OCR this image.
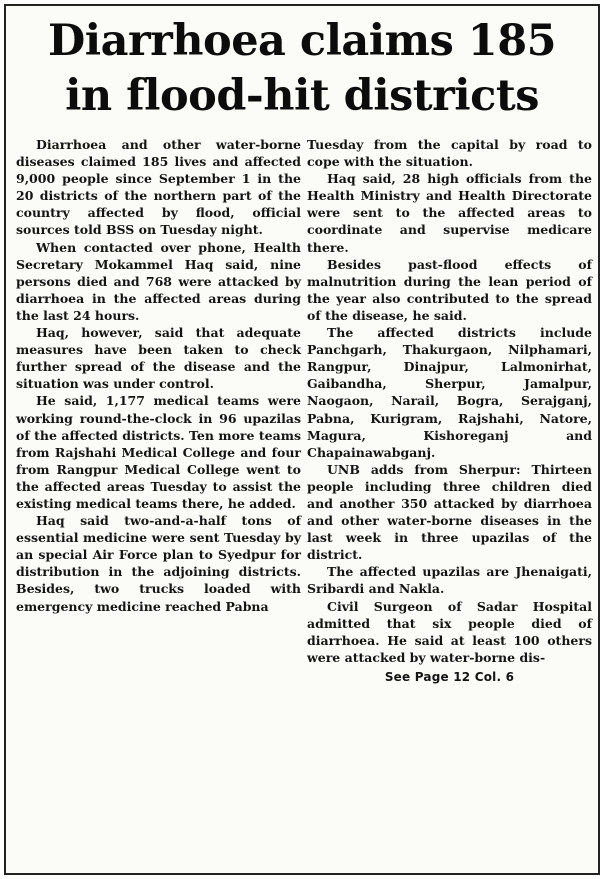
Diarrhoea claims 185
in flood-hit districts

Diarrhoea and other water-borne diseases claimed 185 lives and affected 9,000 people since September 1 in the 20 districts of the northern part of the country affected by flood, official sources told BSS on Tuesday night.

When contacted over phone, Health Secretary Mokammel Haq said, nine persons died and 768 were attacked by diarrhoea in the affected areas during the last 24 hours.

Haq, however, said that adequate measures have been taken to check further spread of the disease and the situation was under control.

He said, 1,177 medical teams were working round-the-clock in 96 upazilas of the affected districts. Ten more teams from Rajshahi Medical College and four from Rangpur Medical College went to the affected areas Tuesday to assist the existing medical teams there, he added.

Haq said two-and-a-half tons of essential medicine were sent Tuesday by an special Air Force plan to Syedpur for distribution in the adjoining districts. Besides, two trucks loaded with emergency medicine reached Pabna

Tuesday from the capital by road to cope with the situation.

Haq said, 28 high officials from the Health Ministry and Health Directorate were sent to the affected areas to coordinate and supervise medicare there.

Besides past-flood effects of malnutrition during the lean period of the year also contributed to the spread of the disease, he said.

The affected districts include Panchgarh, Thakurgaon, Nilphamari, Rangpur, Dinajpur, Lalmonirhat, Gaibandha, Sherpur, Jamalpur, Naogaon, Narail, Bogra, Serajganj, Pabna, Kurigram, Rajshahi, Natore, Magura, Kishoreganj and Chapainawabganj.

UNB adds from Sherpur: Thirteen people including three children died and another 350 attacked by diarrhoea and other water-borne diseases in the last week in three upazilas of the district.

The affected upazilas are Jhenaigati, Sribardi and Nakla.

Civil Surgeon of Sadar Hospital admitted that six people died of diarrhoea. He said at least 100 others were attacked by water-borne dis-

See Page 12 Col. 6
